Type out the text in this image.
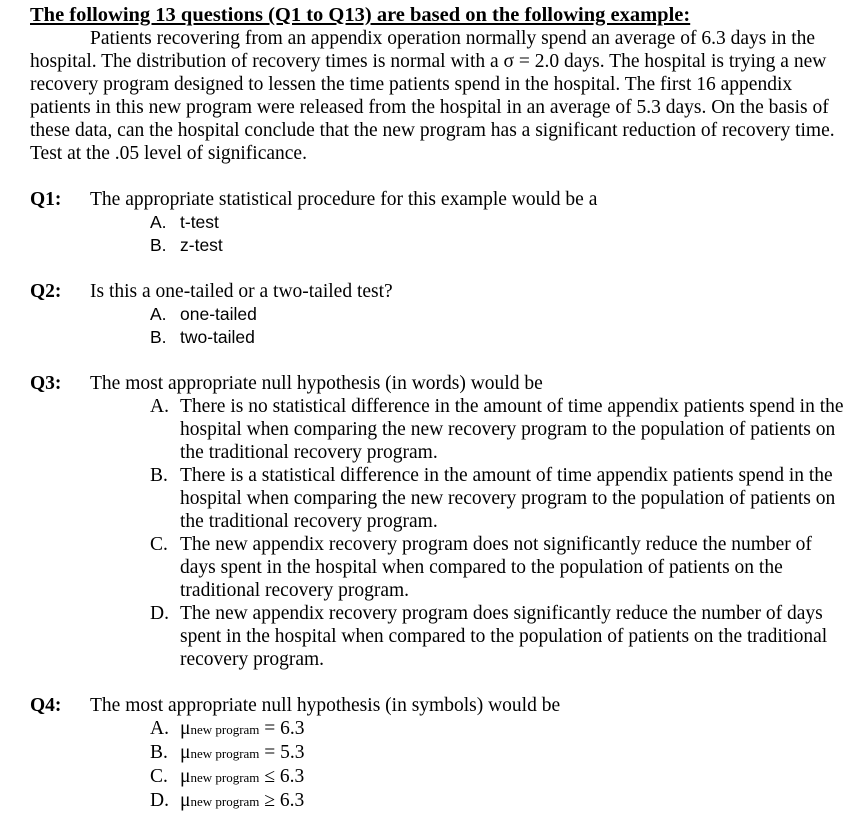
The following 13 questions (Q1 to Q13) are based on the following example:

Patients recovering from an appendix operation normally spend an average of 6.3 days in the hospital. The distribution of recovery times is normal with a σ = 2.0 days. The hospital is trying a new recovery program designed to lessen the time patients spend in the hospital. The first 16 appendix patients in this new program were released from the hospital in an average of 5.3 days. On the basis of these data, can the hospital conclude that the new program has a significant reduction of recovery time. Test at the .05 level of significance.

Q1: The appropriate statistical procedure for this example would be a
A. t-test
B. z-test
Q2: Is this a one-tailed or a two-tailed test?
A. one-tailed
B. two-tailed
Q3: The most appropriate null hypothesis (in words) would be
A. There is no statistical difference in the amount of time appendix patients spend in the hospital when comparing the new recovery program to the population of patients on the traditional recovery program.
B. There is a statistical difference in the amount of time appendix patients spend in the hospital when comparing the new recovery program to the population of patients on the traditional recovery program.
C. The new appendix recovery program does not significantly reduce the number of days spent in the hospital when compared to the population of patients on the traditional recovery program.
D. The new appendix recovery program does significantly reduce the number of days spent in the hospital when compared to the population of patients on the traditional recovery program.
Q4: The most appropriate null hypothesis (in symbols) would be
A. μnew program = 6.3
B. μnew program = 5.3
C. μnew program ≤ 6.3
D. μnew program ≥ 6.3
